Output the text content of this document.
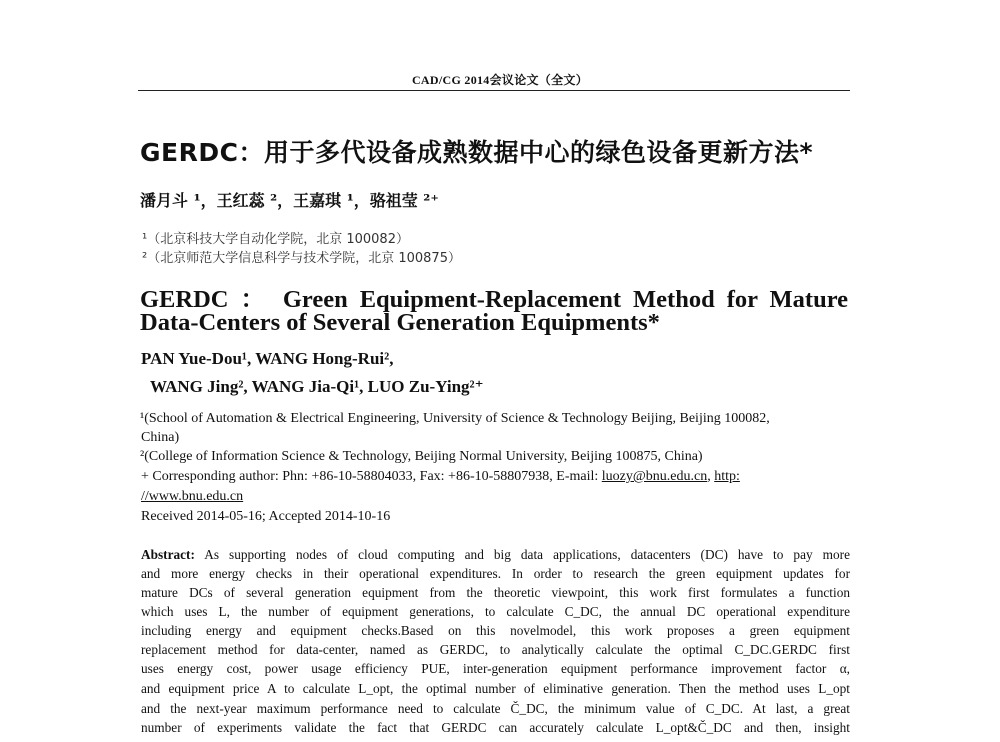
CAD/CG 2014会议论文（全文）
GERDC：用于多代设备成熟数据中心的绿色设备更新方法*
潘月斗 ¹，王红蕊 ²，王嘉琪 ¹，骆祖莹 ²⁺
¹（北京科技大学自动化学院，北京 100082）
²（北京师范大学信息科学与技术学院，北京 100875）
GERDC ： Green Equipment-Replacement Method for Mature
Data-Centers of Several Generation Equipments*
PAN Yue-Dou¹, WANG Hong-Rui²,
WANG Jing², WANG Jia-Qi¹, LUO Zu-Ying²⁺
¹(School of Automation & Electrical Engineering, University of Science & Technology Beijing, Beijing 100082,
China)
²(College of Information Science & Technology, Beijing Normal University, Beijing 100875, China)
+ Corresponding author: Phn: +86-10-58804033, Fax: +86-10-58807938, E-mail: luozy@bnu.edu.cn, http:
//www.bnu.edu.cn
Received 2014-05-16; Accepted 2014-10-16
Abstract: As supporting nodes of cloud computing and big data applications, datacenters (DC) have to pay more
and more energy checks in their operational expenditures. In order to research the green equipment updates for
mature DCs of several generation equipment from the theoretic viewpoint, this work first formulates a function
which uses L, the number of equipment generations, to calculate C_DC, the annual DC operational expenditure
including energy and equipment checks.Based on this novelmodel, this work proposes a green equipment
replacement method for data-center, named as GERDC, to analytically calculate the optimal C_DC.GERDC first
uses energy cost, power usage efficiency PUE, inter-generation equipment performance improvement factor α,
and equipment price A to calculate L_opt, the optimal number of eliminative generation. Then the method uses L_opt
and the next-year maximum performance need to calculate Č_DC, the minimum value of C_DC. At last, a great
number of experiments validate the fact that GERDC can accurately calculate L_opt&Č_DC and then, insight
